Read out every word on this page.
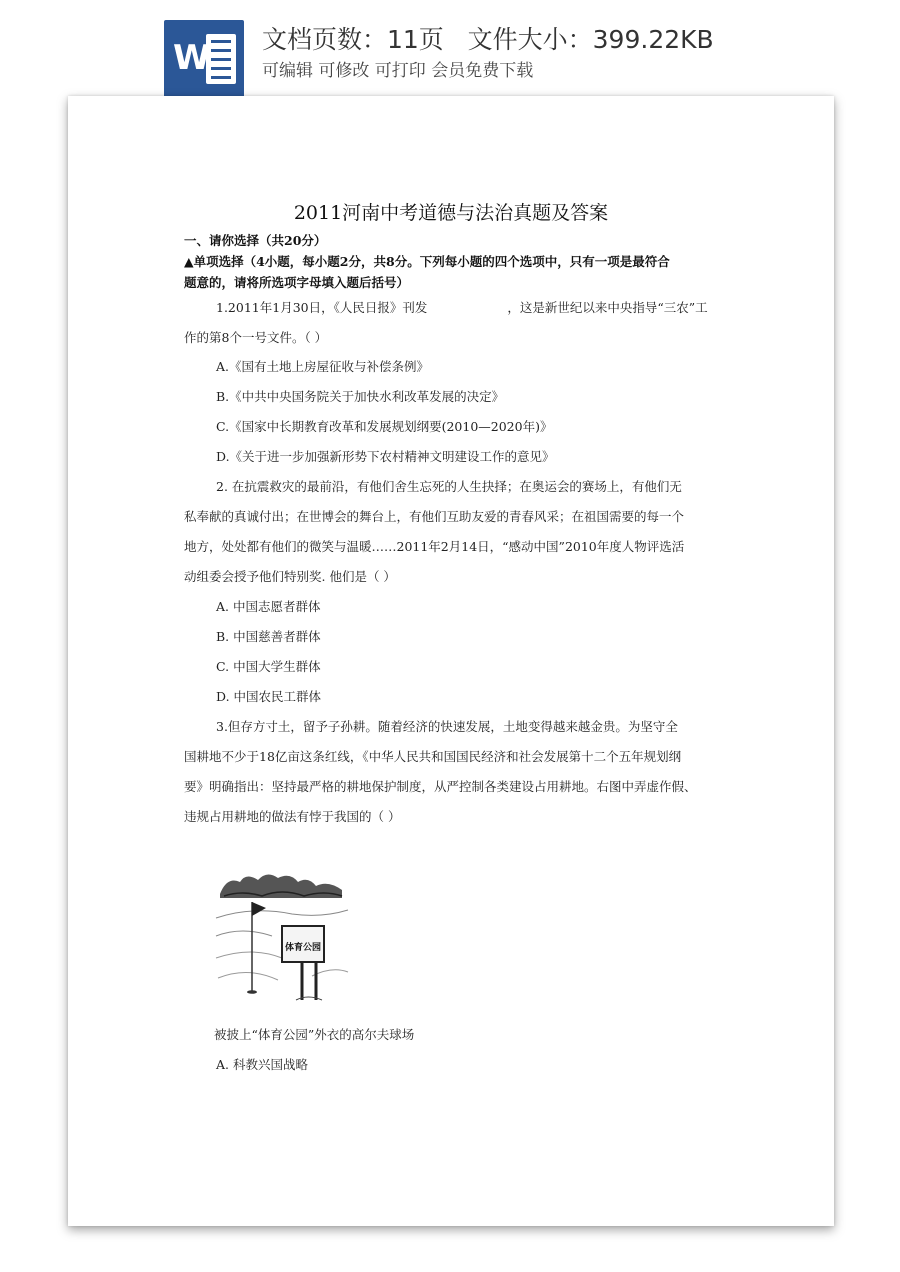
W 文档页数：11页   文件大小：399.22KB
可编辑 可修改 可打印 会员免费下载
2011河南中考道德与法治真题及答案
一、请你选择（共20分）
▲单项选择（4小题，每小题2分，共8分。下列每小题的四个选项中，只有一项是最符合
题意的，请将所选项字母填入题后括号）
1.2011年1月30日，《人民日报》刊发	，这是新世纪以来中央指导“三农”工
作的第8个一号文件。（ ）
A.《国有土地上房屋征收与补偿条例》
B.《中共中央国务院关于加快水利改革发展的决定》
C.《国家中长期教育改革和发展规划纲要(2010—2020年)》
D.《关于进一步加强新形势下农村精神文明建设工作的意见》
2. 在抗震救灾的最前沿，有他们舍生忘死的人生抉择；在奥运会的赛场上，有他们无
私奉献的真诚付出；在世博会的舞台上，有他们互助友爱的青春风采；在祖国需要的每一个
地方，处处都有他们的微笑与温暖……2011年2月14日，“感动中国”2010年度人物评选活
动组委会授予他们特别奖. 他们是（ ）
A. 中国志愿者群体
B. 中国慈善者群体
C. 中国大学生群体
D. 中国农民工群体
3.但存方寸土，留予子孙耕。随着经济的快速发展，土地变得越来越金贵。为坚守全
国耕地不少于18亿亩这条红线，《中华人民共和国国民经济和社会发展第十二个五年规划纲
要》明确指出：坚持最严格的耕地保护制度，从严控制各类建设占用耕地。右图中弄虚作假、
违规占用耕地的做法有悖于我国的（ ）
体育公园
被披上“体育公园”外衣的高尔夫球场
A. 科教兴国战略
